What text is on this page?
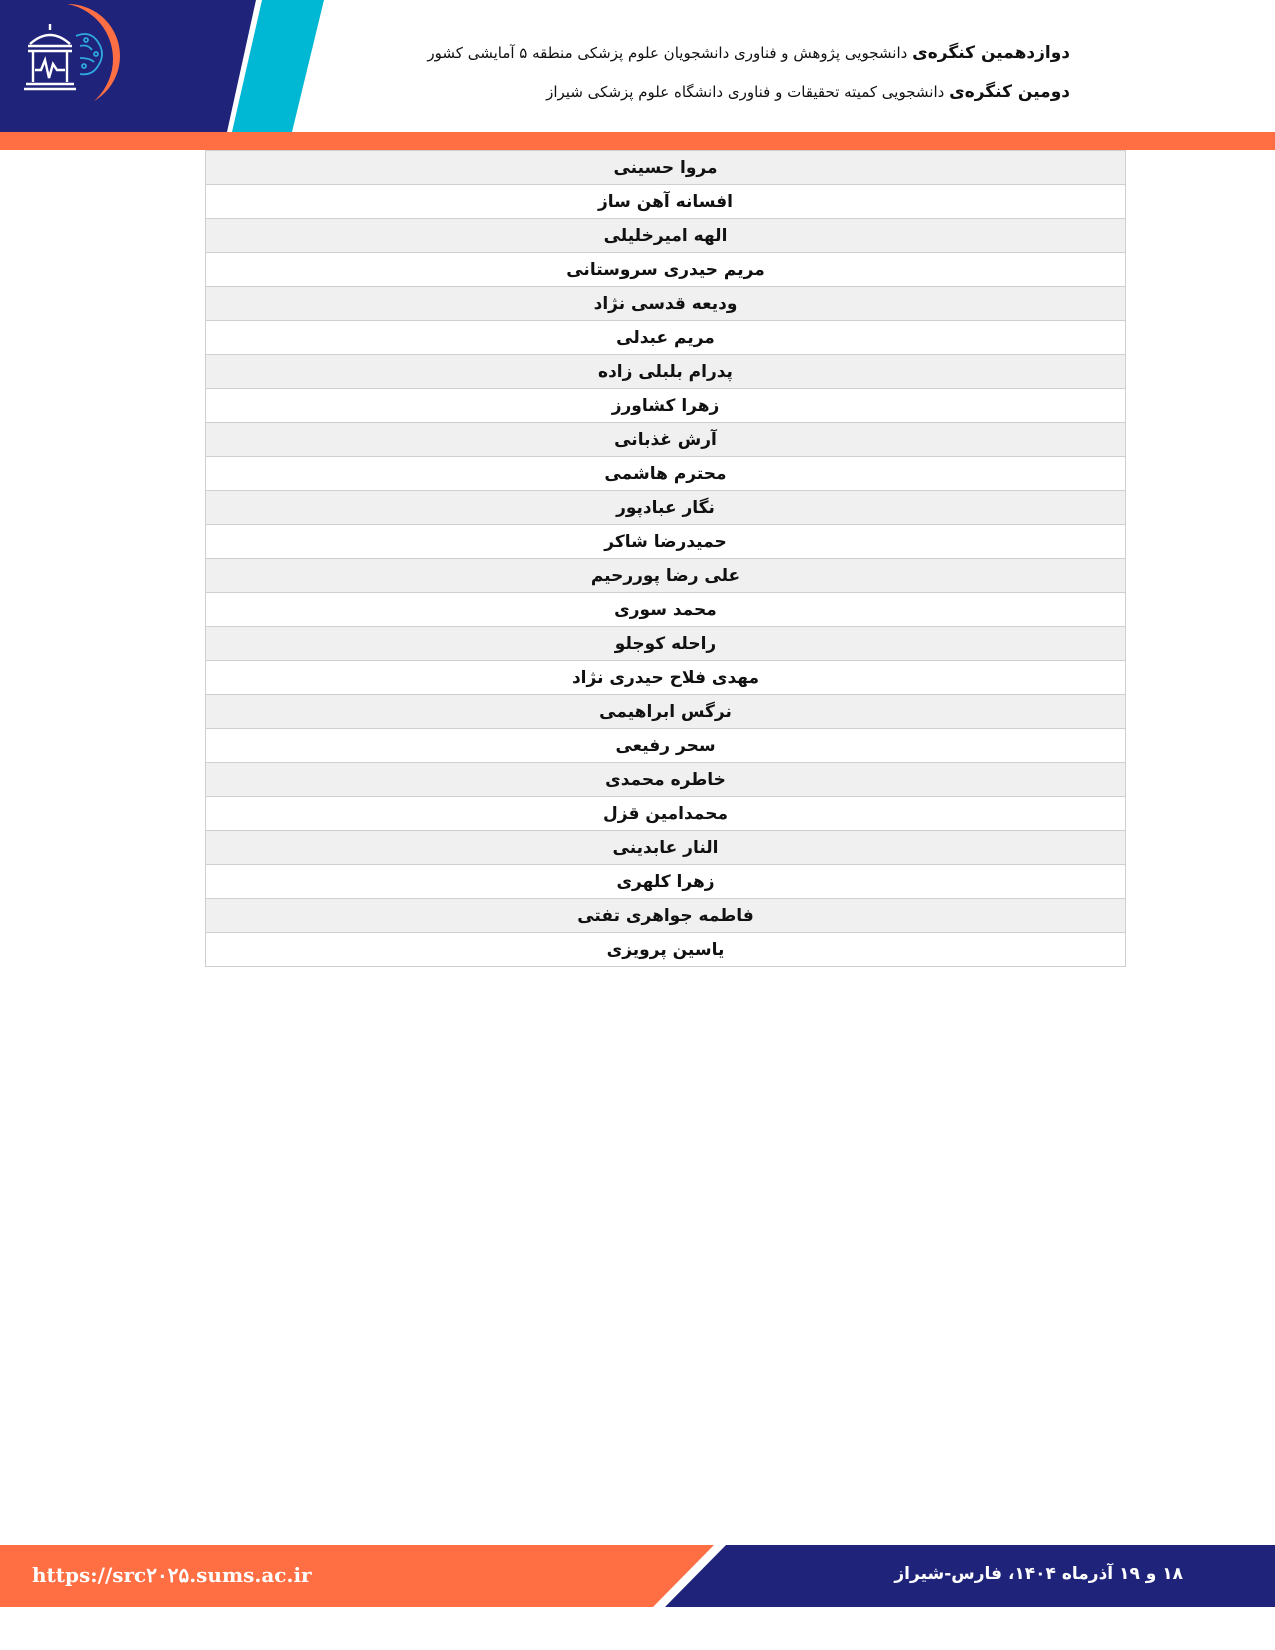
دوازدهمین کنگره‌ی دانشجویی پژوهش و فناوری دانشجویان علوم پزشکی منطقه ۵ آمایشی کشور
دومین کنگره‌ی دانشجویی کمیته تحقیقات و فناوری دانشگاه علوم پزشکی شیراز
مروا حسینی
افسانه آهن ساز
الهه امیرخلیلی
مریم حیدری سروستانی
ودیعه قدسی نژاد
مریم عبدلی
پدرام بلبلی زاده
زهرا کشاورز
آرش غذبانی
محترم هاشمی
نگار عبادپور
حمیدرضا شاکر
علی رضا پوررحیم
محمد سوری
راحله کوجلو
مهدی فلاح حیدری نژاد
نرگس ابراهیمی
سحر رفیعی
خاطره محمدی
محمدامین قزل
النار عابدینی
زهرا کلهری
فاطمه جواهری تفتی
یاسین پرویزی
https://src۲۰۲۵.sums.ac.ir	۱۸ و ۱۹ آذرماه ۱۴۰۴، فارس-شیراز
